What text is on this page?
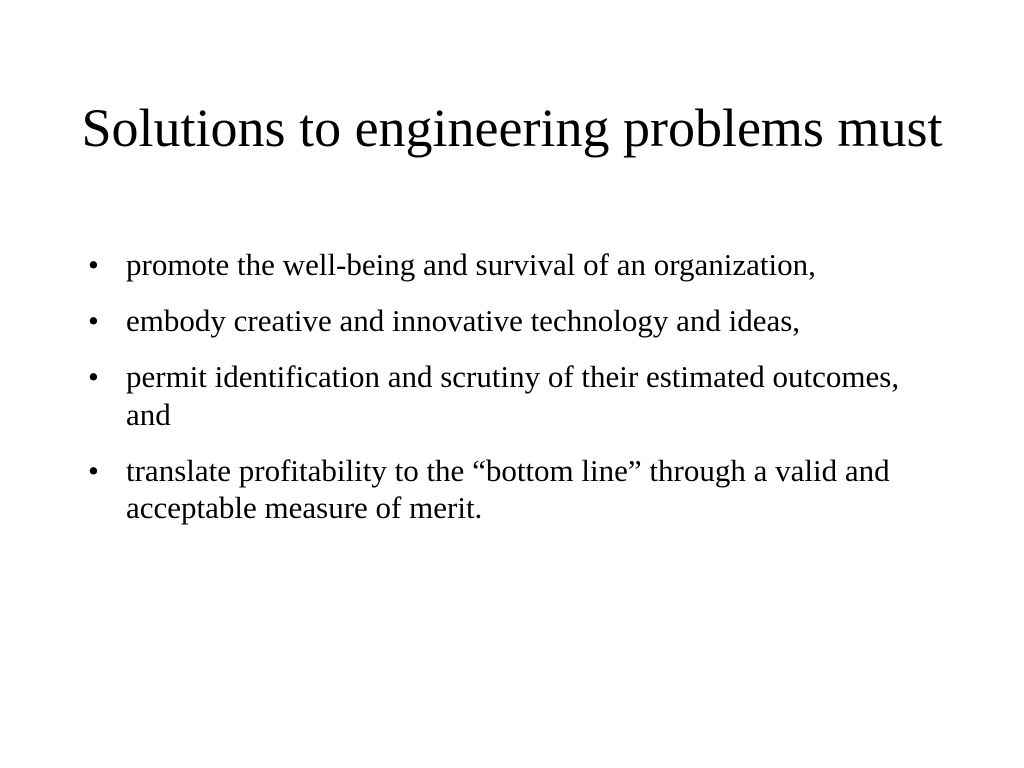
Solutions to engineering problems must
• promote the well-being and survival of an organization,
• embody creative and innovative technology and ideas,
• permit identification and scrutiny of their estimated outcomes, and
• translate profitability to the “bottom line” through a valid and acceptable measure of merit.
